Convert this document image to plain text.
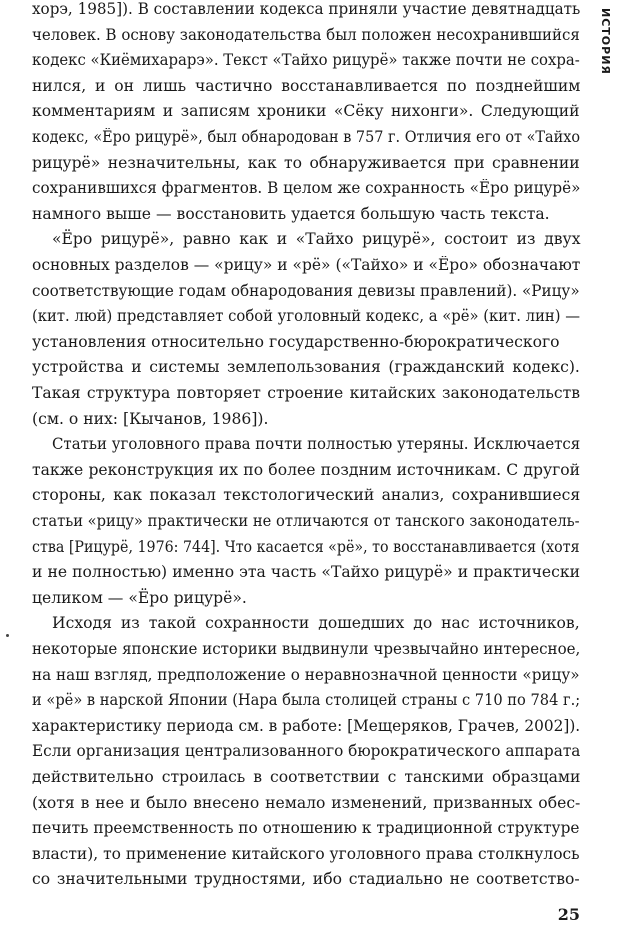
ИСТОРИЯ
хорэ, 1985]). В составлении кодекса приняли участие девятнадцать
человек. В основу законодательства был положен несохранившийся
кодекс «Киёмихарарэ». Текст «Тайхо рицурё» также почти не сохра-
нился, и он лишь частично восстанавливается по позднейшим
комментариям и записям хроники «Сёку нихонги». Следующий
кодекс, «Ёро рицурё», был обнародован в 757 г. Отличия его от «Тайхо
рицурё» незначительны, как то обнаруживается при сравнении
сохранившихся фрагментов. В целом же сохранность «Ёро рицурё»
намного выше — восстановить удается большую часть текста.
«Ёро рицурё», равно как и «Тайхо рицурё», состоит из двух
основных разделов — «рицу» и «рё» («Тайхо» и «Ёро» обозначают
соответствующие годам обнародования девизы правлений). «Рицу»
(кит. люй) представляет собой уголовный кодекс, а «рё» (кит. лин) —
установления относительно государственно-бюрократического
устройства и системы землепользования (гражданский кодекс).
Такая структура повторяет строение китайских законодательств
(см. о них: [Кычанов, 1986]).
Статьи уголовного права почти полностью утеряны. Исключается
также реконструкция их по более поздним источникам. С другой
стороны, как показал текстологический анализ, сохранившиеся
статьи «рицу» практически не отличаются от танского законодатель-
ства [Рицурё, 1976: 744]. Что касается «рё», то восстанавливается (хотя
и не полностью) именно эта часть «Тайхо рицурё» и практически
целиком — «Ёро рицурё».
Исходя из такой сохранности дошедших до нас источников,
некоторые японские историки выдвинули чрезвычайно интересное,
на наш взгляд, предположение о неравнозначной ценности «рицу»
и «рё» в нарской Японии (Нара была столицей страны с 710 по 784 г.;
характеристику периода см. в работе: [Мещеряков, Грачев, 2002]).
Если организация централизованного бюрократического аппарата
действительно строилась в соответствии с танскими образцами
(хотя в нее и было внесено немало изменений, призванных обес-
печить преемственность по отношению к традиционной структуре
власти), то применение китайского уголовного права столкнулось
со значительными трудностями, ибо стадиально не соответство-
25
